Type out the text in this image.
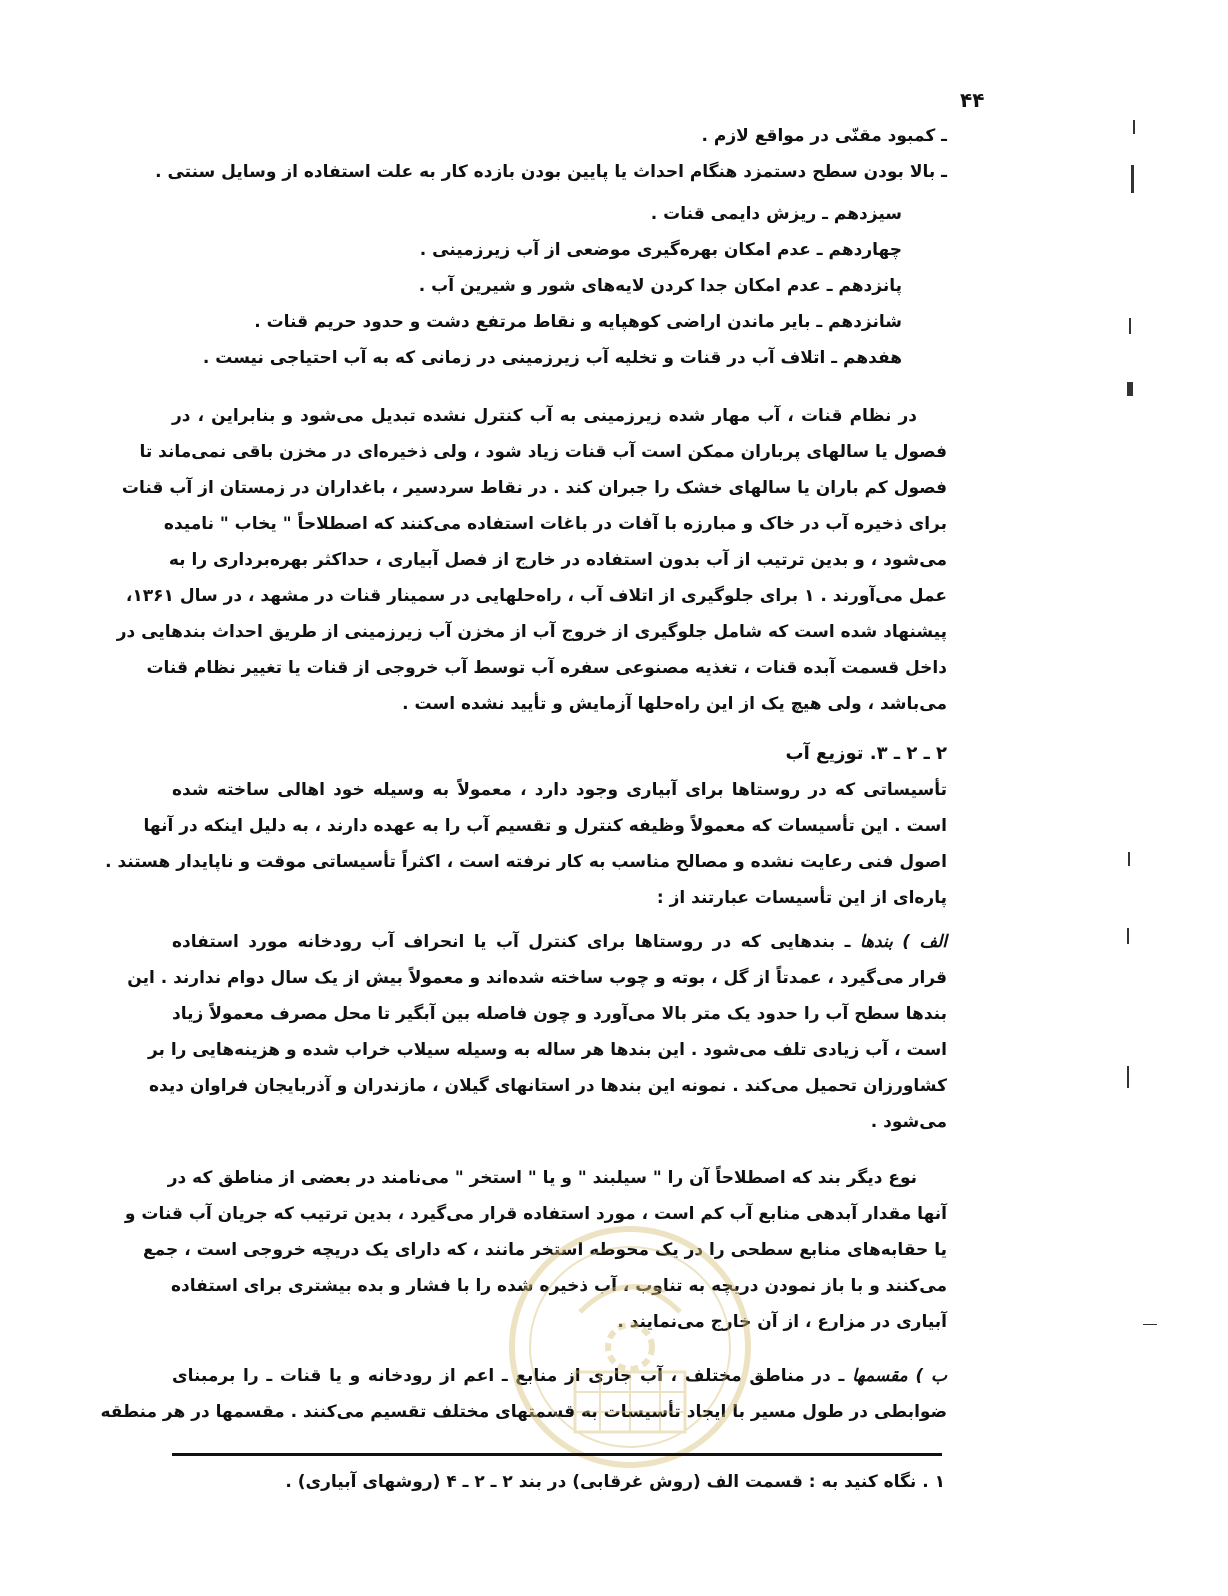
۴۴
ـ کمبود مقنّی در مواقع لازم .
ـ بالا بودن سطح دستمزد هنگام احداث یا پایین بودن بازده کار به علت استفاده از وسایل سنتی .
سیزدهم ـ ریزش دایمی قنات .
چهاردهم ـ عدم امکان بهره‌گیری موضعی از آب زیرزمینی .
پانزدهم ـ عدم امکان جدا کردن لایه‌های شور و شیرین آب .
شانزدهم ـ بایر ماندن اراضی کوهپایه و نقاط مرتفع دشت و حدود حریم قنات .
هفدهم ـ اتلاف آب در قنات و تخلیه آب زیرزمینی در زمانی که به آب احتیاجی نیست .
در نظام قنات ، آب مهار شده زیرزمینی به آب کنترل نشده تبدیل می‌شود و بنابراین ، در
فصول یا سالهای پرباران ممکن است آب قنات زیاد شود ، ولی ذخیره‌ای در مخزن باقی نمی‌ماند تا
فصول کم باران یا سالهای خشک را جبران کند . در نقاط سردسیر ، باغداران در زمستان از آب قنات
برای ذخیره آب در خاک و مبارزه با آفات در باغات استفاده می‌کنند که اصطلاحاً " یخاب " نامیده
می‌شود ، و بدین ترتیب از آب بدون استفاده در خارج از فصل آبیاری ، حداکثر بهره‌برداری را به
عمل می‌آورند . ۱ برای جلوگیری از اتلاف آب ، راه‌حلهایی در سمینار قنات در مشهد ، در سال ۱۳۶۱،
پیشنهاد شده است که شامل جلوگیری از خروج آب از مخزن آب زیرزمینی از طریق احداث بندهایی در
داخل قسمت آبده قنات ، تغذیه مصنوعی سفره آب توسط آب خروجی از قنات یا تغییر نظام قنات
می‌باشد ، ولی هیچ یک از این راه‌حلها آزمایش و تأیید نشده است .
۲ ـ ۲ ـ ۳. توزیع آب
تأسیساتی که در روستاها برای آبیاری وجود دارد ، معمولاً به وسیله خود اهالی ساخته شده
است . این تأسیسات که معمولاً وظیفه کنترل و تقسیم آب را به عهده دارند ، به دلیل اینکه در آنها
اصول فنی رعایت نشده و مصالح مناسب به کار نرفته است ، اکثراً تأسیساتی موقت و ناپایدار هستند .
پاره‌ای از این تأسیسات عبارتند از :
الف ) بندها ـ بندهایی که در روستاها برای کنترل آب یا انحراف آب رودخانه مورد استفاده
قرار می‌گیرد ، عمدتاً از گل ، بوته و چوب ساخته شده‌اند و معمولاً بیش از یک سال دوام ندارند . این
بندها سطح آب را حدود یک متر بالا می‌آورد و چون فاصله بین آبگیر تا محل مصرف معمولاً زیاد
است ، آب زیادی تلف می‌شود . این بندها هر ساله به وسیله سیلاب خراب شده و هزینه‌هایی را بر
کشاورزان تحمیل می‌کند . نمونه این بندها در استانهای گیلان ، مازندران و آذربایجان فراوان دیده
می‌شود .
نوع دیگر بند که اصطلاحاً آن را " سیلبند " و یا " استخر " می‌نامند در بعضی از مناطق که در
آنها مقدار آبدهی منابع آب کم است ، مورد استفاده قرار می‌گیرد ، بدین ترتیب که جریان آب قنات و
یا حقابه‌های منابع سطحی را در یک محوطه استخر مانند ، که دارای یک دریچه خروجی است ، جمع
می‌کنند و با باز نمودن دریچه به تناوب ، آب ذخیره شده را با فشار و بده بیشتری برای استفاده
آبیاری در مزارع ، از آن خارج می‌نمایند .
ب ) مقسمها ـ در مناطق مختلف ، آب جاری از منابع ـ اعم از رودخانه و یا قنات ـ را برمبنای
ضوابطی در طول مسیر با ایجاد تأسیسات به قسمتهای مختلف تقسیم می‌کنند . مقسمها در هر منطقه
۱ . نگاه کنید به : قسمت الف (روش غرقابی) در بند ۲ ـ ۲ ـ ۴ (روشهای آبیاری) .
